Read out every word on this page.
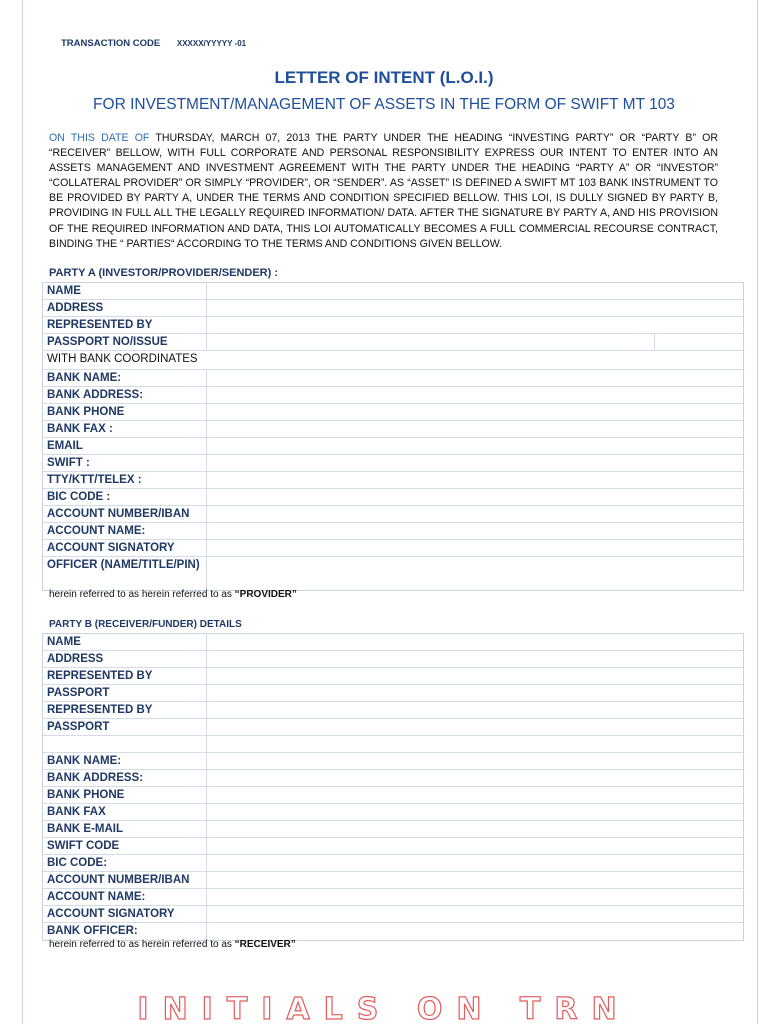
TRANSACTION CODE XXXXX/YYYYY -01
LETTER OF INTENT (L.O.I.)
FOR INVESTMENT/MANAGEMENT OF ASSETS IN THE FORM OF SWIFT MT 103
ON THIS DATE OF THURSDAY, MARCH 07, 2013 THE PARTY UNDER THE HEADING “INVESTING PARTY” OR “PARTY B” OR “RECEIVER” BELLOW, WITH FULL CORPORATE AND PERSONAL RESPONSIBILITY EXPRESS OUR INTENT TO ENTER INTO AN ASSETS MANAGEMENT AND INVESTMENT AGREEMENT WITH THE PARTY UNDER THE HEADING “PARTY A” OR “INVESTOR” “COLLATERAL PROVIDER” OR SIMPLY “PROVIDER”, OR “SENDER”. AS “ASSET” IS DEFINED A SWIFT MT 103 BANK INSTRUMENT TO BE PROVIDED BY PARTY A, UNDER THE TERMS AND CONDITION SPECIFIED BELLOW. THIS LOI, IS DULLY SIGNED BY PARTY B, PROVIDING IN FULL ALL THE LEGALLY REQUIRED INFORMATION/ DATA. AFTER THE SIGNATURE BY PARTY A, AND HIS PROVISION OF THE REQUIRED INFORMATION AND DATA, THIS LOI AUTOMATICALLY BECOMES A FULL COMMERCIAL RECOURSE CONTRACT, BINDING THE “ PARTIES“ ACCORDING TO THE TERMS AND CONDITIONS GIVEN BELLOW.
PARTY A (INVESTOR/PROVIDER/SENDER) :
NAME
ADDRESS
REPRESENTED BY
PASSPORT NO/ISSUE
WITH BANK COORDINATES
BANK NAME:
BANK ADDRESS:
BANK PHONE
BANK FAX :
EMAIL
SWIFT :
TTY/KTT/TELEX :
BIC CODE :
ACCOUNT NUMBER/IBAN
ACCOUNT NAME:
ACCOUNT SIGNATORY
OFFICER (NAME/TITLE/PIN)
herein referred to as herein referred to as “PROVIDER”
PARTY B (RECEIVER/FUNDER) DETAILS
NAME
ADDRESS
REPRESENTED BY
PASSPORT
REPRESENTED BY
PASSPORT
BANK NAME:
BANK ADDRESS:
BANK PHONE
BANK FAX
BANK E-MAIL
SWIFT CODE
BIC CODE:
ACCOUNT NUMBER/IBAN
ACCOUNT NAME:
ACCOUNT SIGNATORY
BANK OFFICER:
herein referred to as herein referred to as “RECEIVER”
INITIALS ON TRN
